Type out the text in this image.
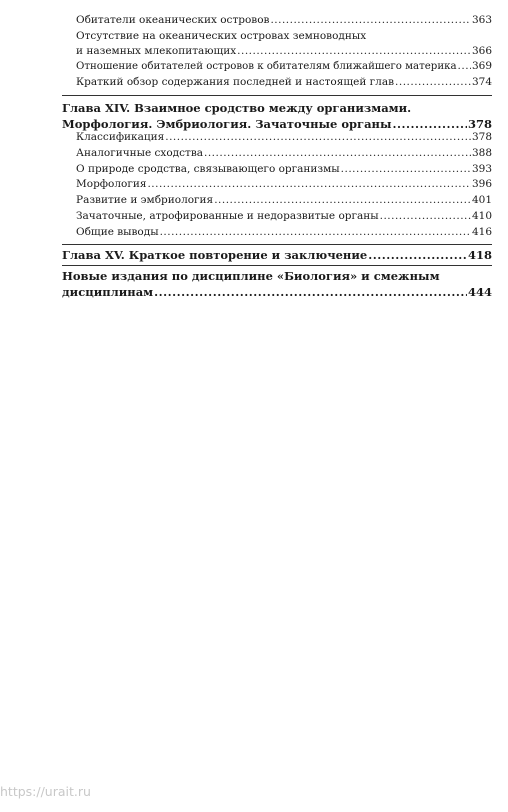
Обитатели океанических островов .....	363
Отсутствие на океанических островах земноводных
и наземных млекопитающих .....	366
Отношение обитателей островов к обитателям ближайшего материка ..... 369
Краткий обзор содержания последней и настоящей глав .....	374
Глава XIV. Взаимное сродство между организмами.
Морфология. Эмбриология. Зачаточные органы .....	378
Классификация .....	378
Аналогичные сходства .....	388
О природе сродства, связывающего организмы .....	393
Морфология .....	396
Развитие и эмбриология .....	401
Зачаточные, атрофированные и недоразвитые органы .....	410
Общие выводы .....	416
Глава XV. Краткое повторение и заключение .....	418
Новые издания по дисциплине «Биология» и смежным
дисциплинам .....	444
https://urait.ru
